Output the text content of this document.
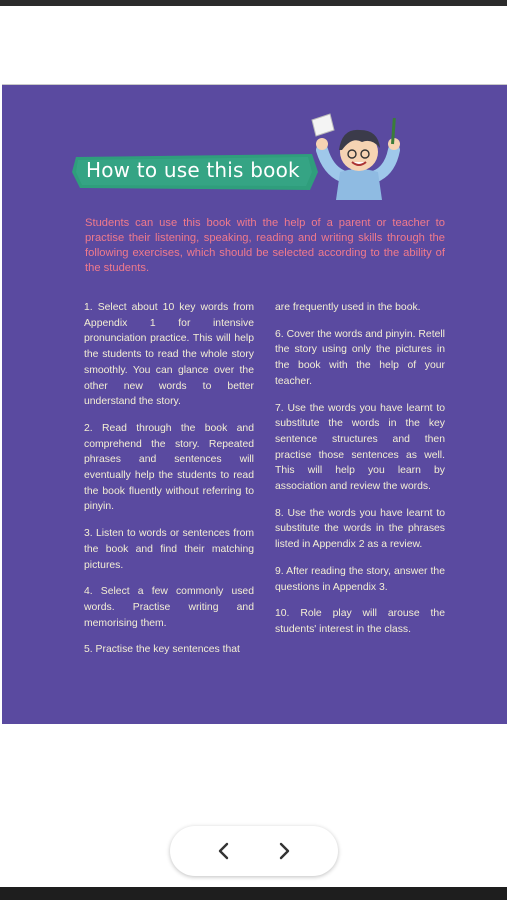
How to use this book
Students can use this book with the help of a parent or teacher to practise their listening, speaking, reading and writing skills through the following exercises, which should be selected according to the ability of the students.

1. Select about 10 key words from Appendix 1 for intensive pronunciation practice. This will help the students to read the whole story smoothly. You can glance over the other new words to better understand the story.

2. Read through the book and comprehend the story. Repeated phrases and sentences will eventually help the students to read the book fluently without referring to pinyin.

3. Listen to words or sentences from the book and find their matching pictures.

4. Select a few commonly used words. Practise writing and memorising them.

5. Practise the key sentences that

are frequently used in the book.

6. Cover the words and pinyin. Retell the story using only the pictures in the book with the help of your teacher.

7. Use the words you have learnt to substitute the words in the key sentence structures and then practise those sentences as well. This will help you learn by association and review the words.

8. Use the words you have learnt to substitute the words in the phrases listed in Appendix 2 as a review.

9. After reading the story, answer the questions in Appendix 3.

10. Role play will arouse the students' interest in the class.
